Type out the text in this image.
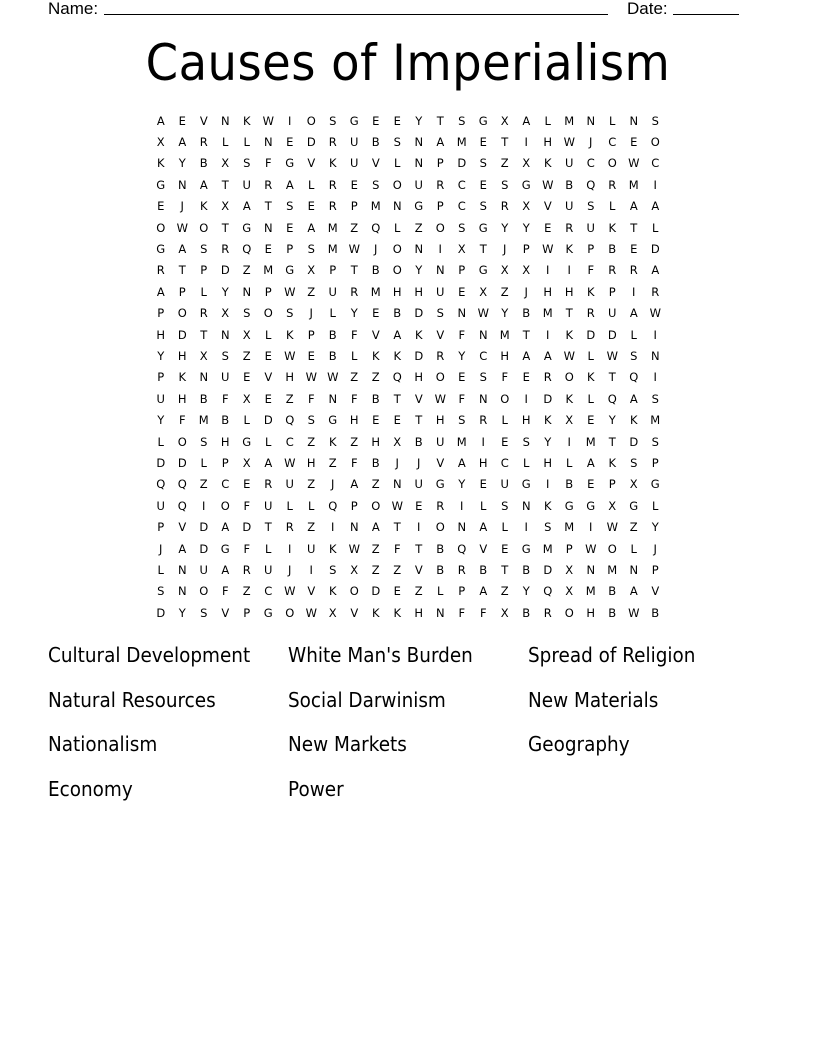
Name:	Date:
Causes of Imperialism
A	E	V	N	K	W	I	O	S	G	E	E	Y	T	S	G	X	A	L	M	N	L	N	S
X	A	R	L	L	N	E	D	R	U	B	S	N	A	M	E	T	I	H W	J	C	E	O
K	Y	B	X	S	F	G	V	K	U	V	L	N	P	D	S	Z	X	K	U	C	O W	C
G	N	A	T	U	R	A	L	R	E	S	O	U	R	C	E	S	G W	B	Q	R	M	I
E	J	K	X	A	T	S	E	R	P	M	N	G	P	C	S	R	X	V	U	S	L	A	A
O W O	T	G	N	E	A	M	Z	Q	L	Z	O	S	G	Y	Y	E	R	U	K	T	L
G	A	S	R	Q	E	P	S	M W	J	O	N	I	X	T	J	P	W	K	P	B	E	D
R	T	P	D	Z	M	G	X	P	T	B	O	Y	N	P	G	X	X	I	I	F	R	R	A
A	P	L	Y	N	P	W	Z	U	R	M	H	H	U	E	X	Z	J	H	H	K	P	I	R
P	O	R	X	S	O	S	J	L	Y	E	B	D	S	N	W	Y	B	M	T	R	U	A	W
H	D	T	N	X	L	K	P	B	F	V	A	K	V	F	N	M	T	I	K	D	D	L	I
Y	H	X	S	Z	E	W	E	B	L	K	K	D	R	Y	C	H	A	A	W	L	W	S	N
P	K	N	U	E	V	H W W	Z	Z	Q	H	O	E	S	F	E	R	O	K	T	Q	I
U	H	B	F	X	E	Z	F	N	F	B	T	V	W	F	N	O	I	D	K	L	Q	A	S
Y	F	M	B	L	D	Q	S	G	H	E	E	T	H	S	R	L	H	K	X	E	Y	K	M
L	O	S	H	G	L	C	Z	K	Z	H	X	B	U	M	I	E	S	Y	I	M	T	D	S
D	D	L	P	X	A	W H	Z	F	B	J	J	V	A	H	C	L	H	L	A	K	S	P
Q	Q	Z	C	E	R	U	Z	J	A	Z	N	U	G	Y	E	U	G	I	B	E	P	X	G
U	Q	I	O	F	U	L	L	Q	P	O W	E	R	I	L	S	N	K	G	G	X	G	L
P	V	D	A	D	T	R	Z	I	N	A	T	I	O	N	A	L	I	S	M	I	W	Z	Y
J	A	D	G	F	L	I	U	K	W	Z	F	T	B	Q	V	E	G	M	P	W O	L	J
L	N	U	A	R	U	J	I	S	X	Z	Z	V	B	R	B	T	B	D	X	N	M	N	P
S	N	O	F	Z	C	W	V	K	O	D	E	Z	L	P	A	Z	Y	Q	X	M	B	A	V
D	Y	S	V	P	G	O W	X	V	K	K	H	N	F	F	X	B	R	O	H	B	W	B
Cultural Development	White Man's Burden	Spread of Religion
Natural Resources	Social Darwinism	New Materials
Nationalism	New Markets	Geography
Economy	Power
